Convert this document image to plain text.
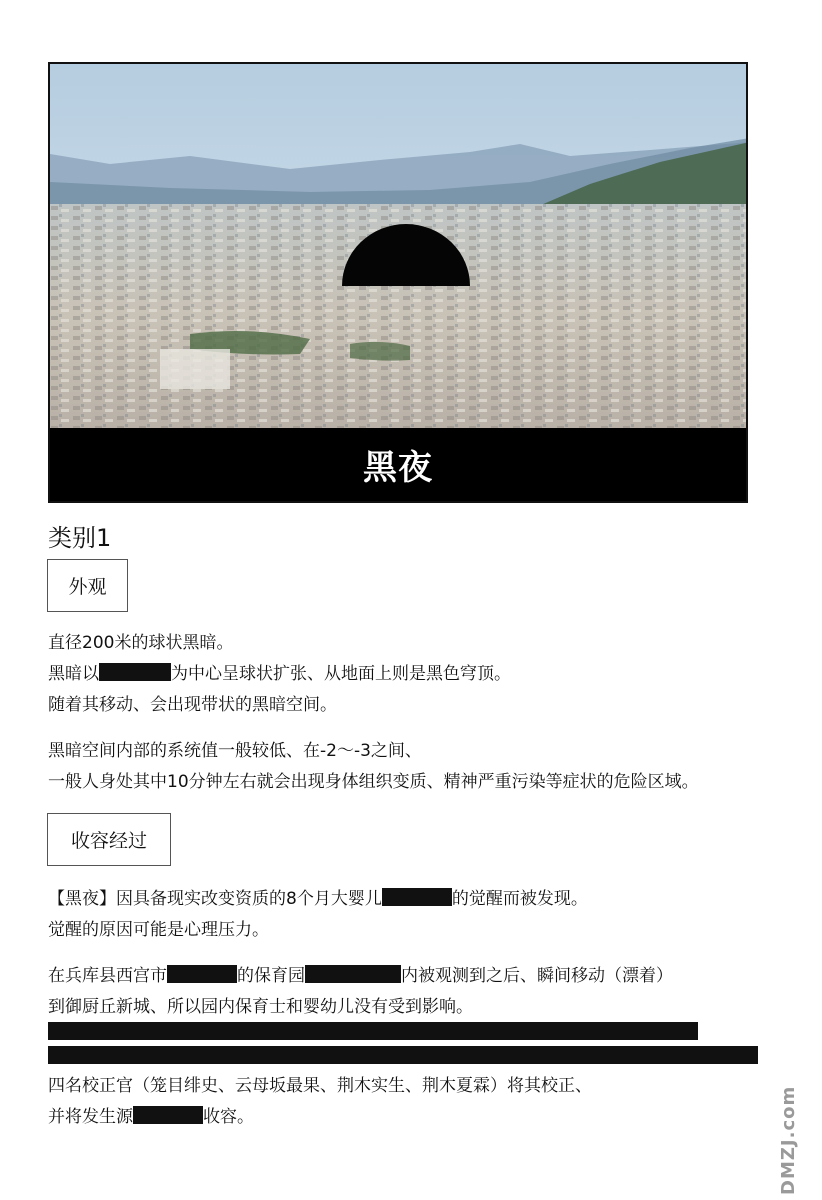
黑夜
类别1
外观
直径200米的球状黑暗。
黑暗以	为中心呈球状扩张、从地面上则是黑色穹顶。
随着其移动、会出现带状的黑暗空间。
黑暗空间内部的系统值一般较低、在-2〜-3之间、
一般人身处其中10分钟左右就会出现身体组织变质、精神严重污染等症状的危险区域。
收容经过
【黑夜】因具备现实改变资质的8个月大婴儿	的觉醒而被发现。
觉醒的原因可能是心理压力。
在兵库县西宫市	的保育园	内被观测到之后、瞬间移动（漂着）
到御厨丘新城、所以园内保育士和婴幼儿没有受到影响。
四名校正官（笼目绯史、云母坂最果、荆木实生、荆木夏霖）将其校正、
并将发生源	收容。	DMZJ.com
